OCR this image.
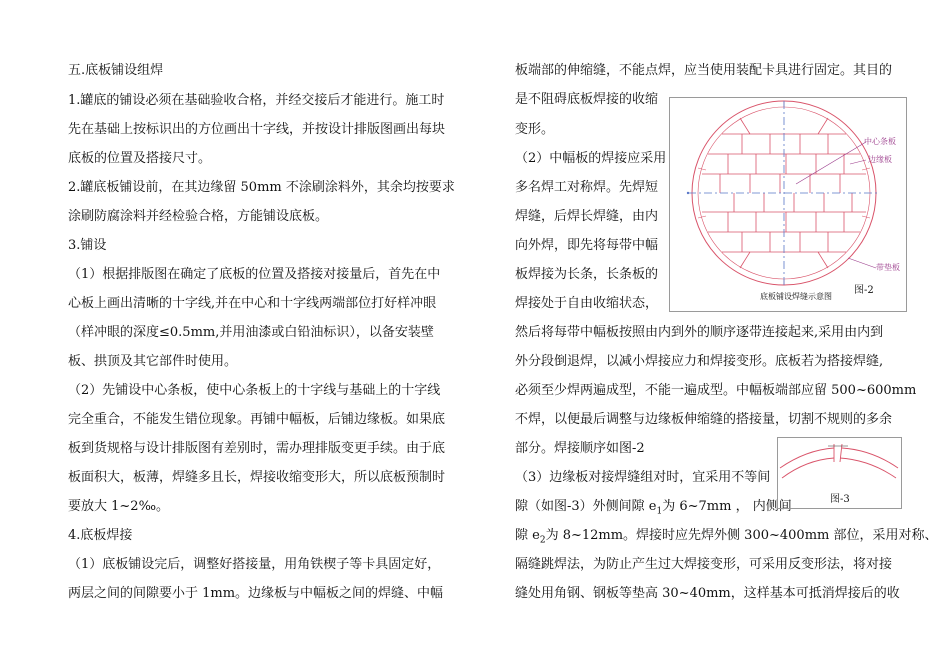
五.底板铺设组焊
1.罐底的铺设必须在基础验收合格，并经交接后才能进行。施工时
先在基础上按标识出的方位画出十字线，并按设计排版图画出每块
底板的位置及搭接尺寸。
2.罐底板铺设前，在其边缘留 50mm 不涂刷涂料外，其余均按要求
涂刷防腐涂料并经检验合格，方能铺设底板。
3.铺设
（1）根据排版图在确定了底板的位置及搭接对接量后，首先在中
心板上画出清晰的十字线,并在中心和十字线两端部位打好样冲眼
（样冲眼的深度≤0.5mm,并用油漆或白铅油标识），以备安装壁
板、拱顶及其它部件时使用。
（2）先铺设中心条板，使中心条板上的十字线与基础上的十字线
完全重合，不能发生错位现象。再铺中幅板，后铺边缘板。如果底
板到货规格与设计排版图有差别时，需办理排版变更手续。由于底
板面积大，板薄，焊缝多且长，焊接收缩变形大，所以底板预制时
要放大 1~2‰。
4.底板焊接
（1）底板铺设完后，调整好搭接量，用角铁楔子等卡具固定好，
两层之间的间隙要小于 1mm。边缘板与中幅板之间的焊缝、中幅
板端部的伸缩缝，不能点焊，应当使用装配卡具进行固定。其目的
是不阻碍底板焊接的收缩
变形。
（2）中幅板的焊接应采用
多名焊工对称焊。先焊短
焊缝，后焊长焊缝，由内
向外焊，即先将每带中幅
板焊接为长条，长条板的
焊接处于自由收缩状态，
然后将每带中幅板按照由内到外的顺序逐带连接起来,采用由内到
外分段倒退焊，以减小焊接应力和焊接变形。底板若为搭接焊缝,
必须至少焊两遍成型，不能一遍成型。中幅板端部应留 500~600mm
不焊，以便最后调整与边缘板伸缩缝的搭接量，切割不规则的多余
部分。焊接顺序如图-2
（3）边缘板对接焊缝组对时，宜采用不等间
隙（如图-3）外侧间隙 $e_1$为 6~7mm ， 内侧间
隙 $e_2$为 8~12mm。焊接时应先焊外侧 300~400mm 部位，采用对称、
隔缝跳焊法，为防止产生过大焊接变形，可采用反变形法，将对接
缝处用角钢、钢板等垫高 30~40mm，这样基本可抵消焊接后的收
中心条板
边缘板
带垫板
底板铺设焊缝示意图
图-2
图-3
